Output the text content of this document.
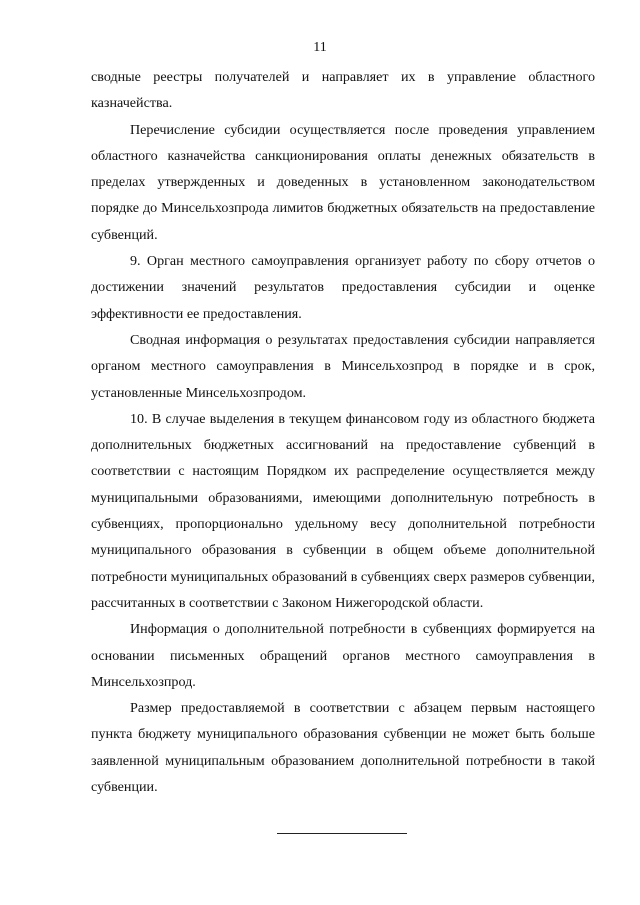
11

сводные реестры получателей и направляет их в управление областного казначейства.

Перечисление субсидии осуществляется после проведения управлением областного казначейства санкционирования оплаты денежных обязательств в пределах утвержденных и доведенных в установленном законодательством порядке до Минсельхозпрода лимитов бюджетных обязательств на предоставление субвенций.

9. Орган местного самоуправления организует работу по сбору отчетов о достижении значений результатов предоставления субсидии и оценке эффективности ее предоставления.

Сводная информация о результатах предоставления субсидии направляется органом местного самоуправления в Минсельхозпрод в порядке и в срок, установленные Минсельхозпродом.

10. В случае выделения в текущем финансовом году из областного бюджета дополнительных бюджетных ассигнований на предоставление субвенций в соответствии с настоящим Порядком их распределение осуществляется между муниципальными образованиями, имеющими дополнительную потребность в субвенциях, пропорционально удельному весу дополнительной потребности муниципального образования в субвенции в общем объеме дополнительной потребности муниципальных образований в субвенциях сверх размеров субвенции, рассчитанных в соответствии с Законом Нижегородской области.

Информация о дополнительной потребности в субвенциях формируется на основании письменных обращений органов местного самоуправления в Минсельхозпрод.

Размер предоставляемой в соответствии с абзацем первым настоящего пункта бюджету муниципального образования субвенции не может быть больше заявленной муниципальным образованием дополнительной потребности в такой субвенции.
